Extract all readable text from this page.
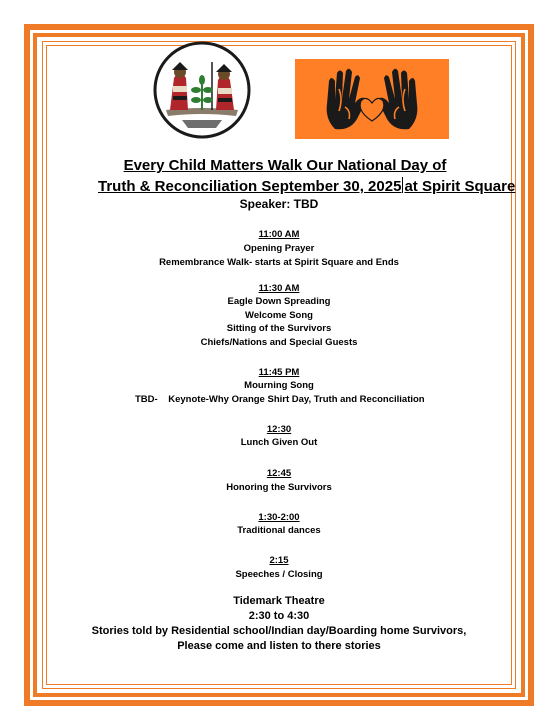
Every Child Matters Walk Our National Day of
Truth & Reconciliation September 30, 2025 at Spirit Square
Speaker: TBD
11:00 AM
Opening Prayer
Remembrance Walk- starts at Spirit Square and Ends
11:30 AM
Eagle Down Spreading
Welcome Song
Sitting of the Survivors
Chiefs/Nations and Special Guests
11:45 PM
Mourning Song
TBD-    Keynote-Why Orange Shirt Day, Truth and Reconciliation
12:30
Lunch Given Out
12:45
Honoring the Survivors
1:30-2:00
Traditional dances
2:15
Speeches / Closing
Tidemark Theatre
2:30 to 4:30
Stories told by Residential school/Indian day/Boarding home Survivors,
Please come and listen to there stories
